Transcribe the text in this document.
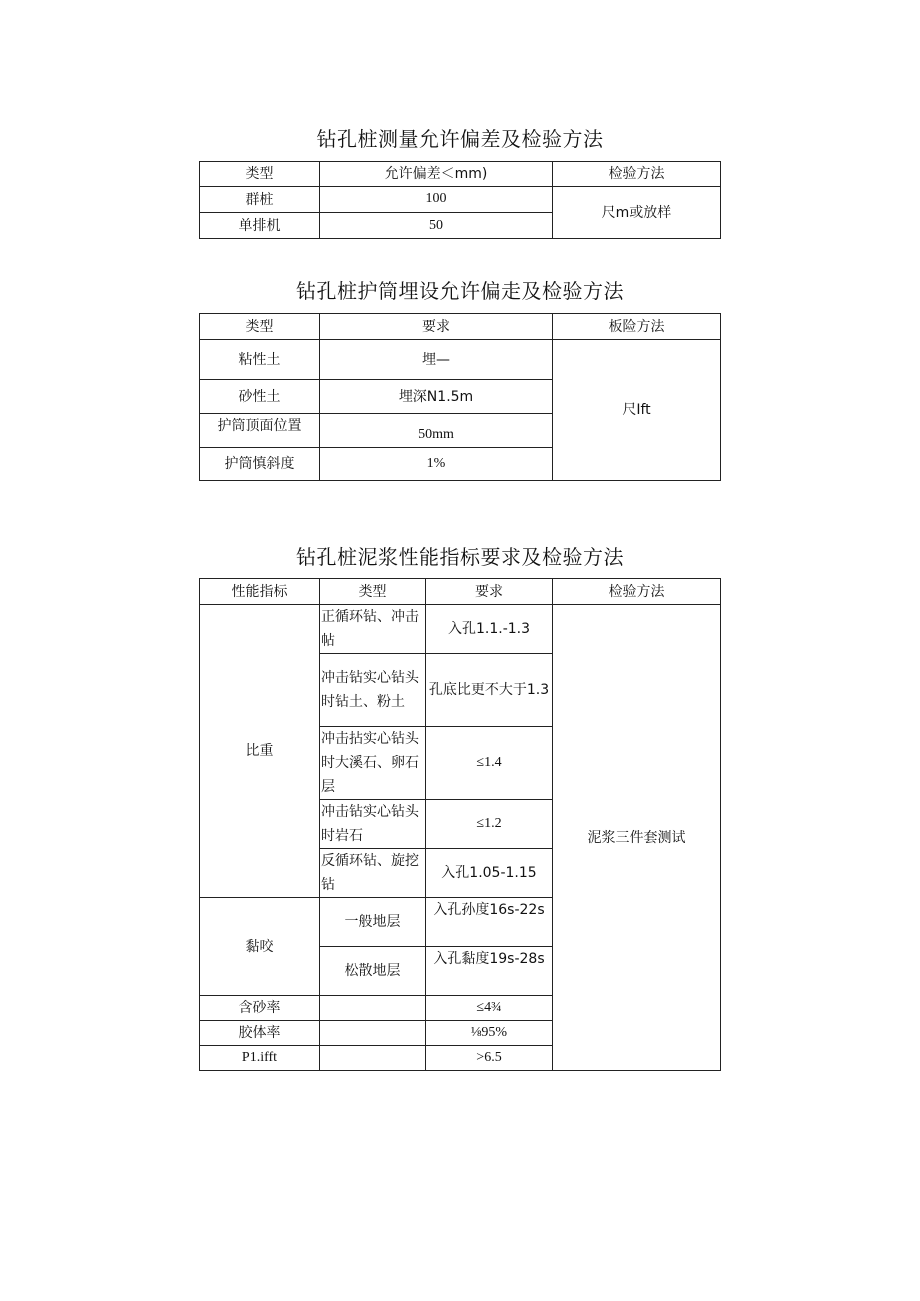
钻孔桩测量允许偏差及检验方法
类型	允许偏差＜mm)	检验方法
群桩	100	尺m或放样
单排机	50	
钻孔桩护筒埋设允许偏走及检验方法
类型	要求	板险方法
粘性土	埋—	尺Ift
砂性土	埋深N1.5m	
护筒顶面位置	50mm	
护筒慎斜度	1%	
钻孔桩泥浆性能指标要求及检验方法
性能指标	类型	要求	检验方法
比重	正循环钻、冲击帖	入孔1.1.-1.3	泥浆三件套测试
	冲击钻实心钻头时钻土、粉土	孔底比更不大于1.3	
	冲击拈实心钻头时大溪石、卵石层	≤1.4	
	冲击钻实心钻头时岩石	≤1.2	
	反循环钻、旋挖钻	入孔1.05-1.15	
黏咬	一般地层	入孔孙度16s-22s	
	松散地层	入孔黏度19s-28s	
含砂率		≤4¾	
胶体率		⅛95%	
P1.ifft		>6.5	
